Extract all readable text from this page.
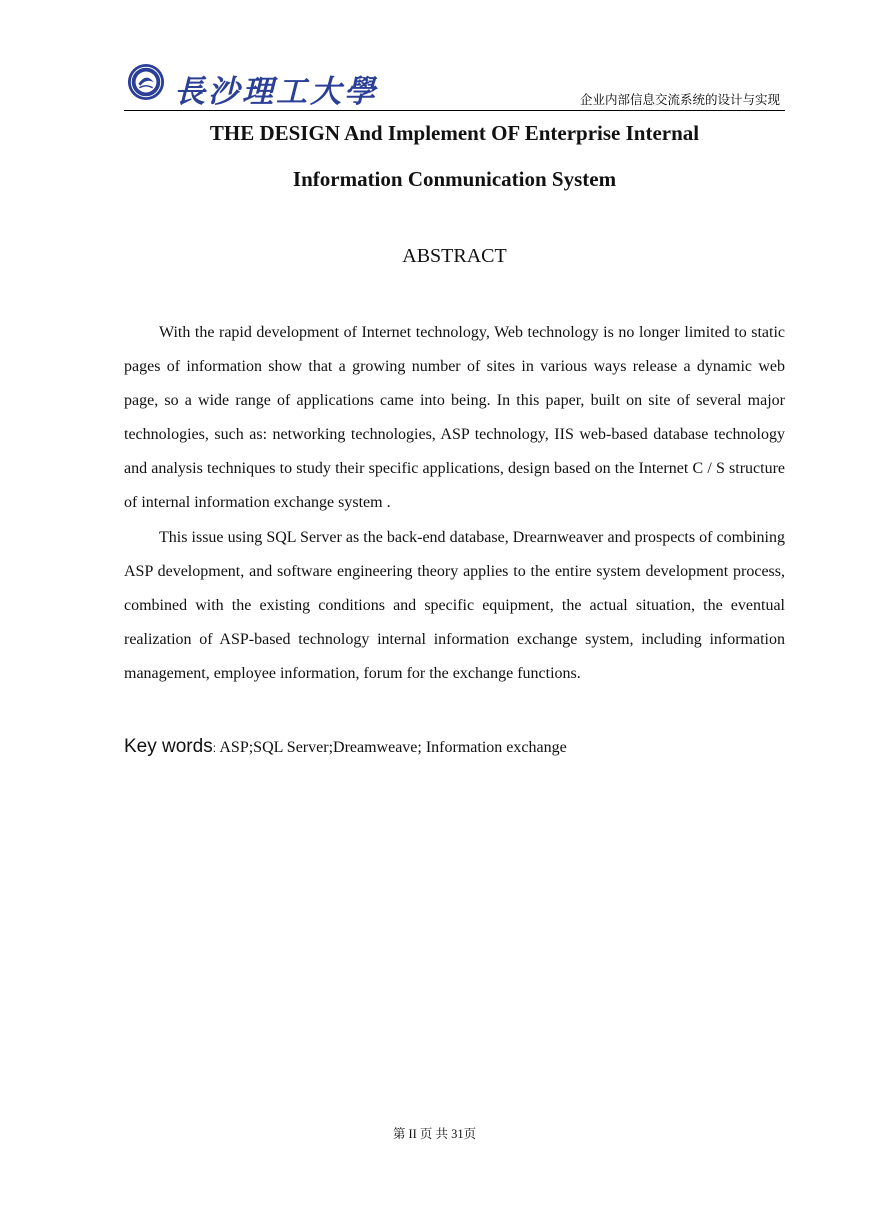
長沙理工大學	企业内部信息交流系统的设计与实现
THE DESIGN And Implement OF Enterprise Internal
Information Conmunication System
ABSTRACT

With the rapid development of Internet technology, Web technology is no longer limited to static pages of information show that a growing number of sites in various ways release a dynamic web page, so a wide range of applications came into being. In this paper, built on site of several major technologies, such as: networking technologies, ASP technology, IIS web-based database technology and analysis techniques to study their specific applications, design based on the Internet C / S structure of internal information exchange system .

This issue using SQL Server as the back-end database, Drearnweaver and prospects of combining ASP development, and software engineering theory applies to the entire system development process, combined with the existing conditions and specific equipment, the actual situation, the eventual realization of ASP-based technology internal information exchange system, including information management, employee information, forum for the exchange functions.

Key words: ASP;SQL Server;Dreamweave; Information exchange
第 II 页 共 31页
